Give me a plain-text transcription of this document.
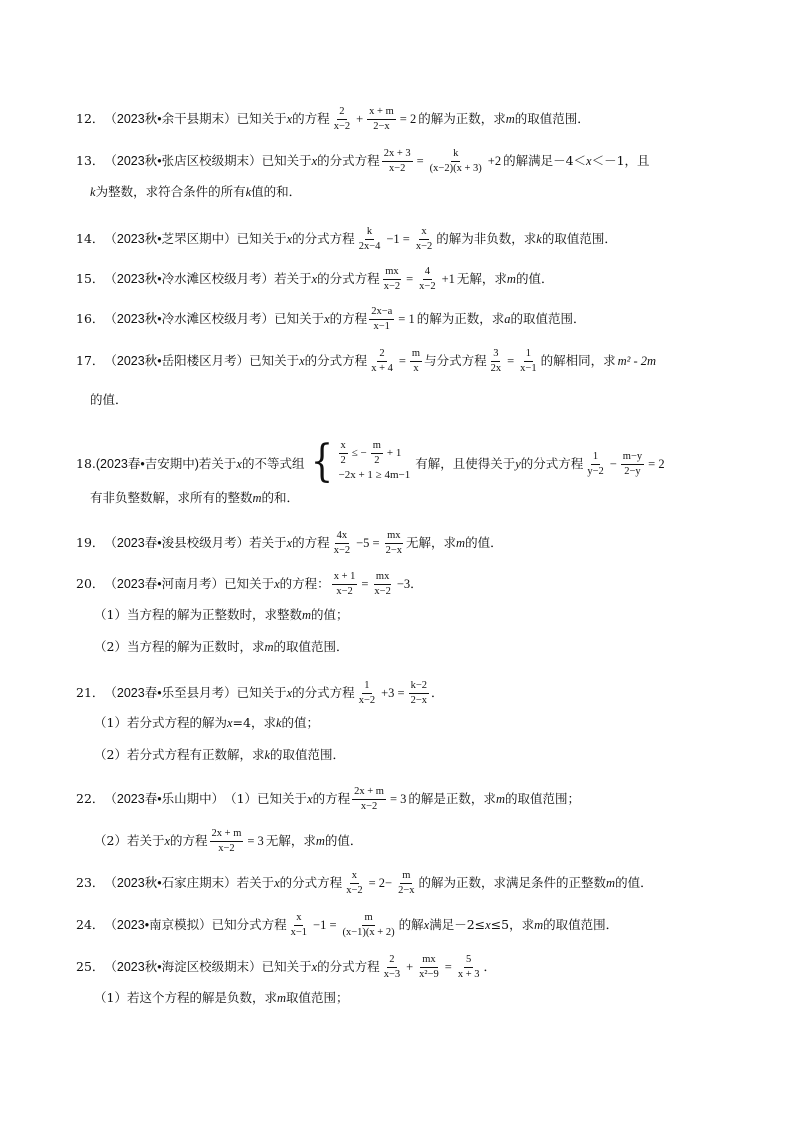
12． （2023秋•余干县期末） 已知关于 x 的方程 $\frac{2}{x-2} + \frac{x + m}{2-x} = 2$ 的解为正数，求 m 的取值范围．
13． （2023秋•张店区校级期末） 已知关于 x 的分式方程 $\frac{2x + 3}{x-2} = \frac{k}{(x-2)(x + 3)} +2$ 的解满足－4＜ x ＜－1，且
k 为整数，求符合条件的所有 k 值的和．
14． （2023秋•芝罘区期中） 已知关于 x 的分式方程 $\frac{k}{2x-4} -1 = \frac{x}{x-2}$ 的解为非负数，求 k 的取值范围．
15． （2023秋•冷水滩区校级月考） 若关于 x 的分式方程 $\frac{mx}{x-2} = \frac{4}{x-2} +1$ 无解，求 m 的值．
16． （2023秋•冷水滩区校级月考） 已知关于 x 的方程 $\frac{2x-a}{x-1} = 1$ 的解为正数，求 a 的取值范围．
17． （2023秋•岳阳楼区月考） 已知关于 x 的分式方程 $\frac{2}{x + 4} = \frac{m}{x}$ 与分式方程 $\frac{3}{2x} = \frac{1}{x-1}$ 的解相同，求 m² - 2m
的值．
18. (2023春•吉安期中) 若关于 x 的不等式组 { $\frac{x}{2}$ ≤ − $\frac{m}{2} + 1$
−2x + 1 ≥ 4m−1
有解，且使得关于 y 的分式方程 $\frac{1}{y-2} - \frac{m-y}{2-y} = 2$
有非负整数解，求所有的整数 m 的和．
19． （2023春•浚县校级月考） 若关于 x 的方程 $\frac{4x}{x-2} -5 = \frac{mx}{2-x}$ 无解，求 m 的值．
20． （2023春•河南月考） 已知关于 x 的方程： $\frac{x + 1}{x-2} = \frac{mx}{x-2} -3$．
（1）当方程的解为正整数时，求整数 m 的值；
（2）当方程的解为正数时，求 m 的取值范围．
21． （2023春•乐至县月考） 已知关于 x 的分式方程 $\frac{1}{x-2} +3 = \frac{k-2}{2-x}$ ．
（1）若分式方程的解为 x =4，求 k 的值；
（2）若分式方程有正数解，求 k 的取值范围．
22． （2023春•乐山期中） （1）已知关于 x 的方程 $\frac{2x + m}{x-2} = 3$ 的解是正数，求 m 的取值范围；
（2）若关于 x 的方程 $\frac{2x + m}{x-2} = 3$ 无解，求 m 的值．
23． （2023秋•石家庄期末） 若关于 x 的分式方程 $\frac{x}{x-2} = 2- \frac{m}{2-x}$ 的解为正数，求满足条件的正整数 m 的值．
24． （2023•南京模拟） 已知分式方程 $\frac{x}{x-1} -1 = \frac{m}{(x-1)(x + 2)}$ 的解 x 满足－2≤ x ≤5，求 m 的取值范围．
25． （2023秋•海淀区校级期末） 已知关于 x 的分式方程 $\frac{2}{x-3} + \frac{mx}{\text{x²−9}} = \frac{5}{x + 3}$ ．
（1）若这个方程的解是负数，求 m 取值范围；
